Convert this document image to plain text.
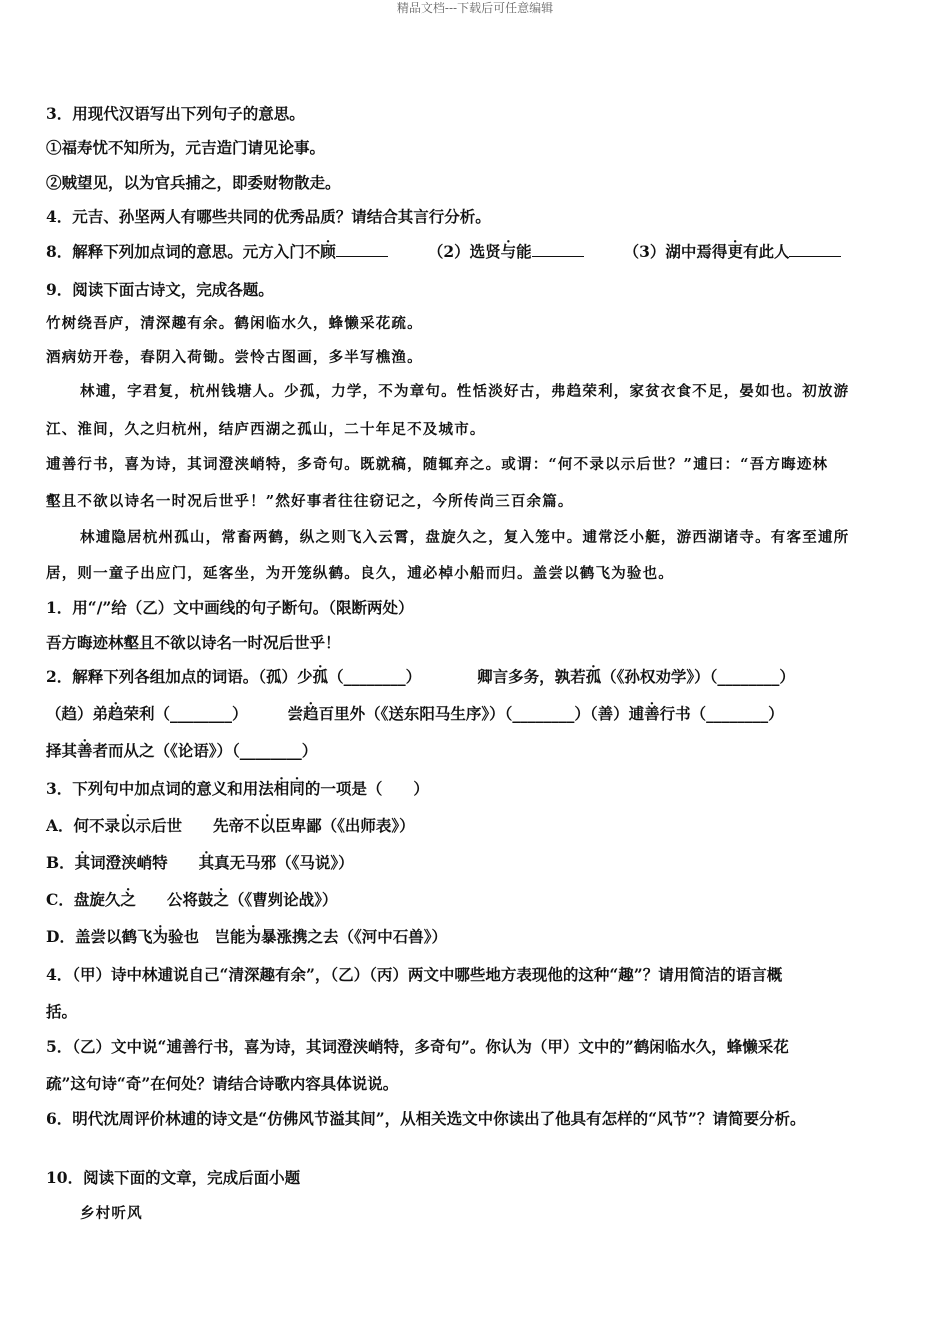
精品文档---下载后可任意编辑
3．用现代汉语写出下列句子的意思。
①福寿忧不知所为，元吉造门请见论事。
②贼望见，以为官兵捕之，即委财物散走。
4．元吉、孙坚两人有哪些共同的优秀品质？请结合其言行分析。
8．解释下列加点词的意思。元方入门不顾	（2）选贤与能	（3）湖中焉得更有此人
9．阅读下面古诗文，完成各题。
竹树绕吾庐，清深趣有余。鹤闲临水久，蜂懒采花疏。
酒病妨开卷，春阴入荷锄。尝怜古图画，多半写樵渔。
林逋，字君复，杭州钱塘人。少孤，力学，不为章句。性恬淡好古，弗趋荣利，家贫衣食不足，晏如也。初放游
江、淮间，久之归杭州，结庐西湖之孤山，二十年足不及城市。
逋善行书，喜为诗，其词澄浃峭特，多奇句。既就稿，随辄弃之。或谓：“何不录以示后世？”逋曰：“吾方晦迹林
壑且不欲以诗名一时况后世乎！”然好事者往往窃记之，今所传尚三百余篇。
林逋隐居杭州孤山，常畜两鹤，纵之则飞入云霄，盘旋久之，复入笼中。逋常泛小艇，游西湖诸寺。有客至逋所
居，则一童子出应门，延客坐，为开笼纵鹤。良久，逋必棹小船而归。盖尝以鹤飞为验也。
1．用“/”给（乙）文中画线的句子断句。（限断两处）
吾方晦迹林壑且不欲以诗名一时况后世乎！
2．解释下列各组加点的词语。（孤）少孤（________）	卿言多务，孰若孤（《孙权劝学》）（________）
（趋）弟趋荣利（________）	尝趋百里外（《送东阳马生序》）（________）（善）逋善行书（________）
择其善者而从之（《论语》）（________）
3．下列句中加点词的意义和用法相同的一项是（　　）
A．何不录以示后世　　先帝不以臣卑鄙（《出师表》）
B．其词澄浃峭特　　其真无马邪（《马说》）
C．盘旋久之　　公将鼓之（《曹刿论战》）
D．盖尝以鹤飞为验也　岂能为暴涨携之去（《河中石兽》）
4．（甲）诗中林逋说自己“清深趣有余”，（乙）（丙）两文中哪些地方表现他的这种“趣”？请用简洁的语言概
括。
5．（乙）文中说“逋善行书，喜为诗，其词澄浃峭特，多奇句”。你认为（甲）文中的”鹤闲临水久，蜂懒采花
疏”这句诗“奇”在何处？请结合诗歌内容具体说说。
6．明代沈周评价林逋的诗文是“仿佛风节溢其间”，从相关选文中你读出了他具有怎样的“风节”？请简要分析。
10．阅读下面的文章，完成后面小题
乡村听风
